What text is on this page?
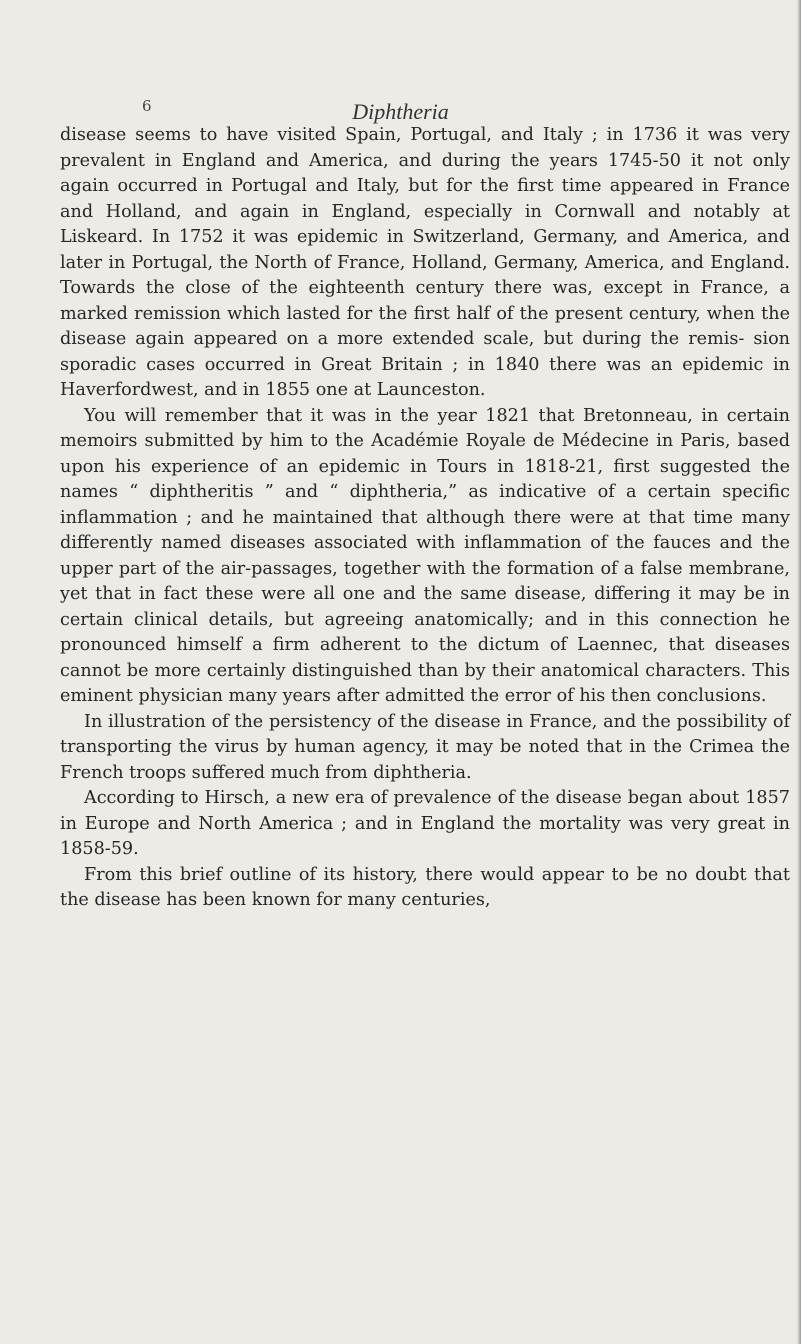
6	Diphtheria

disease seems to have visited Spain, Portugal, and Italy ; in 1736 it was very prevalent in England and America, and during the years 1745-50 it not only again occurred in Portugal and Italy, but for the first time appeared in France and Holland, and again in England, especially in Cornwall and notably at Liskeard. In 1752 it was epidemic in Switzerland, Germany, and America, and later in Portugal, the North of France, Holland, Germany, America, and England. Towards the close of the eighteenth century there was, except in France, a marked remission which lasted for the first half of the present century, when the disease again appeared on a more extended scale, but during the remis- sion sporadic cases occurred in Great Britain ; in 1840 there was an epidemic in Haverfordwest, and in 1855 one at Launceston.

You will remember that it was in the year 1821 that Bretonneau, in certain memoirs submitted by him to the Académie Royale de Médecine in Paris, based upon his experience of an epidemic in Tours in 1818-21, first suggested the names “ diphtheritis ” and “ diphtheria,” as indicative of a certain specific inflammation ; and he maintained that although there were at that time many differently named diseases associated with inflammation of the fauces and the upper part of the air-passages, together with the formation of a false membrane, yet that in fact these were all one and the same disease, differing it may be in certain clinical details, but agreeing anatomically; and in this connection he pronounced himself a firm adherent to the dictum of Laennec, that diseases cannot be more certainly distinguished than by their anatomical characters. This eminent physician many years after admitted the error of his then conclusions.

In illustration of the persistency of the disease in France, and the possibility of transporting the virus by human agency, it may be noted that in the Crimea the French troops suffered much from diphtheria.

According to Hirsch, a new era of prevalence of the disease began about 1857 in Europe and North America ; and in England the mortality was very great in 1858-59.

From this brief outline of its history, there would appear to be no doubt that the disease has been known for many centuries,
